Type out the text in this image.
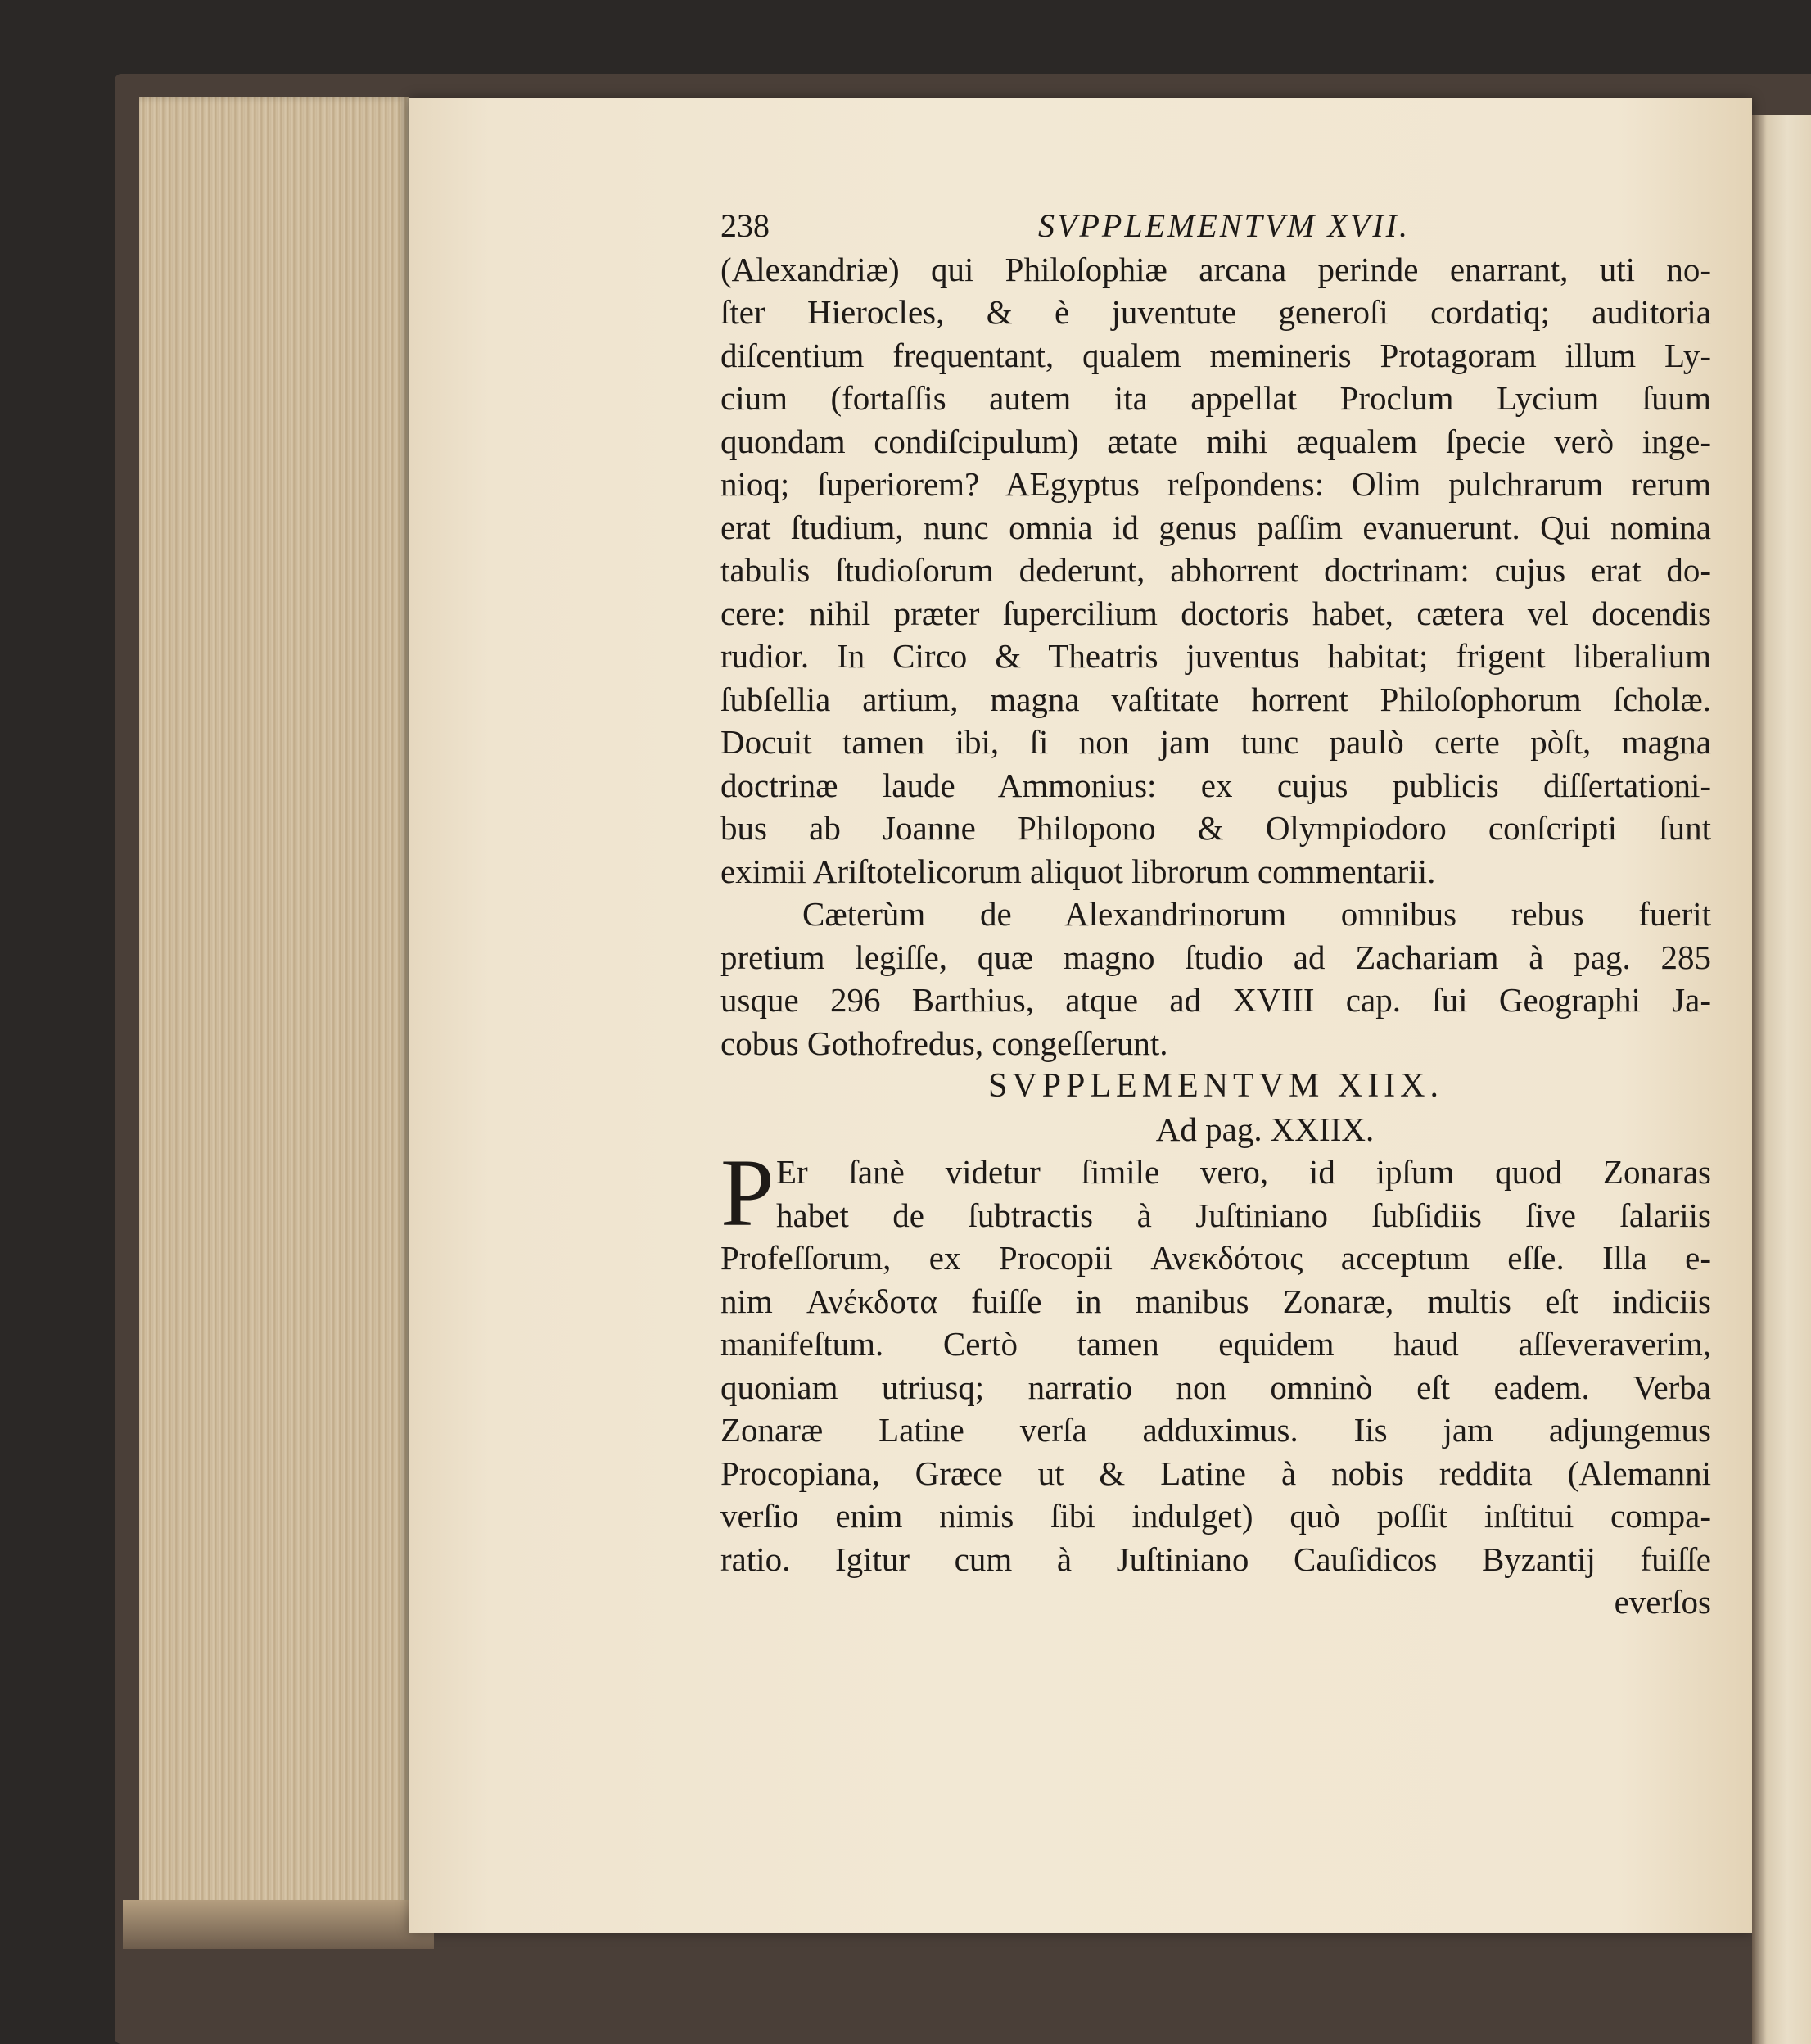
238	SVPPLEMENTVM XVII.
(Alexandriæ) qui Philoſophiæ arcana perinde enarrant, uti no-
ſter Hierocles, & è juventute generoſi cordatiq; auditoria
diſcentium frequentant, qualem memineris Protagoram illum Ly-
cium (fortaſſis autem ita appellat Proclum Lycium ſuum
quondam condiſcipulum) ætate mihi æqualem ſpecie verò inge-
nioq; ſuperiorem? AEgyptus reſpondens: Olim pulchrarum rerum
erat ſtudium, nunc omnia id genus paſſim evanuerunt. Qui nomina
tabulis ſtudioſorum dederunt, abhorrent doctrinam: cujus erat do-
cere: nihil præter ſupercilium doctoris habet, cætera vel docendis
rudior. In Circo & Theatris juventus habitat; frigent liberalium
ſubſellia artium, magna vaſtitate horrent Philoſophorum ſcholæ.
Docuit tamen ibi, ſi non jam tunc paulò certe pòſt, magna
doctrinæ laude Ammonius: ex cujus publicis diſſertationi-
bus ab Joanne Philopono & Olympiodoro conſcripti ſunt
eximii Ariſtotelicorum aliquot librorum commentarii.
Cæterùm de Alexandrinorum omnibus rebus fuerit
pretium legiſſe, quæ magno ſtudio ad Zachariam à pag. 285
usque 296 Barthius, atque ad XVIII cap. ſui Geographi Ja-
cobus Gothofredus, congeſſerunt.
SVPPLEMENTVM XIIX.
Ad pag. XXIIX.
P Er ſanè videtur ſimile vero, id ipſum quod Zonaras
habet de ſubtractis à Juſtiniano ſubſidiis ſive ſalariis
Profeſſorum, ex Procopii Ανεκδότοις acceptum eſſe. Illa e-
nim Ανέκδοτα fuiſſe in manibus Zonaræ, multis eſt indiciis
manifeſtum. Certò tamen equidem haud aſſeveraverim,
quoniam utriusq; narratio non omninò eſt eadem. Verba
Zonaræ Latine verſa adduximus. Iis jam adjungemus
Procopiana, Græce ut & Latine à nobis reddita (Alemanni
verſio enim nimis ſibi indulget) quò poſſit inſtitui compa-
ratio. Igitur cum à Juſtiniano Cauſidicos Byzantij fuiſſe
everſos
